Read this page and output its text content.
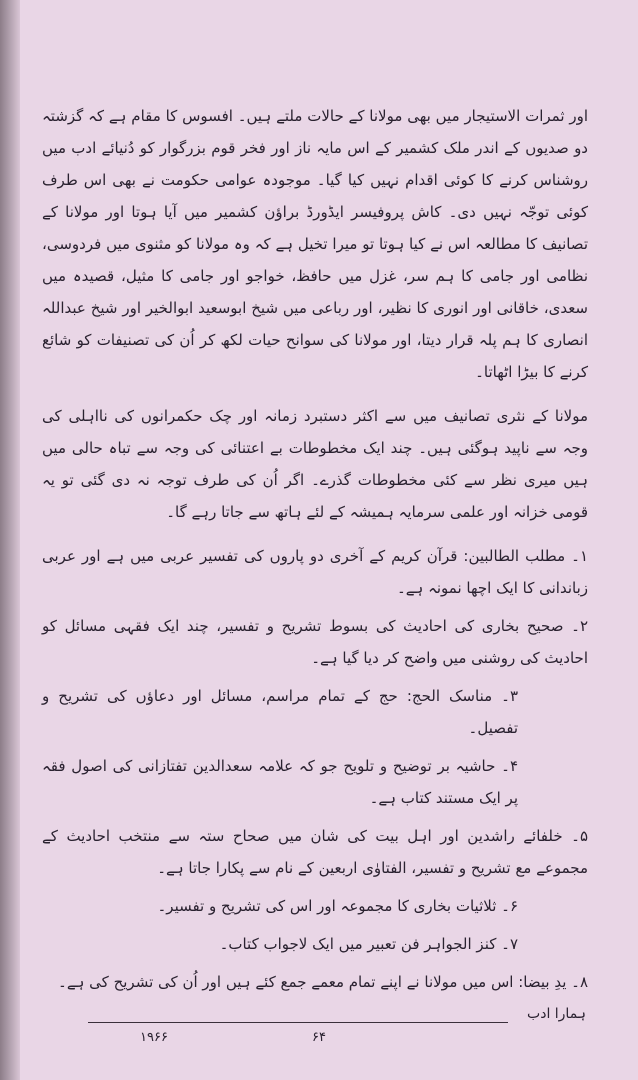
اور ثمرات الاستیجار میں بھی مولانا کے حالات ملتے ہیں۔ افسوس کا مقام ہے کہ گزشتہ دو صدیوں کے اندر ملک کشمیر کے اس مایہ ناز اور فخر قوم بزرگوار کو دُنیائے ادب میں روشناس کرنے کا کوئی اقدام نہیں کیا گیا۔ موجودہ عوامی حکومت نے بھی اس طرف کوئی توجّہ نہیں دی۔ کاش پروفیسر ایڈورڈ براؤن کشمیر میں آیا ہوتا اور مولانا کے تصانیف کا مطالعہ اس نے کیا ہوتا تو میرا تخیل ہے کہ وہ مولانا کو مثنوی میں فردوسی، نظامی اور جامی کا ہم سر، غزل میں حافظ، خواجو اور جامی کا مثیل، قصیدہ میں سعدی، خاقانی اور انوری کا نظیر، اور رباعی میں شیخ ابوسعید ابوالخیر اور شیخ عبداللہ انصاری کا ہم پلہ قرار دیتا، اور مولانا کی سوانح حیات لکھ کر اُن کی تصنیفات کو شائع کرنے کا بیڑا اٹھاتا۔

مولانا کے نثری تصانیف میں سے اکثر دستبرد زمانہ اور چک حکمرانوں کی نااہلی کی وجہ سے ناپید ہوگئی ہیں۔ چند ایک مخطوطات بے اعتنائی کی وجہ سے تباہ حالی میں ہیں میری نظر سے کئی مخطوطات گذرے۔ اگر اُن کی طرف توجہ نہ دی گئی تو یہ قومی خزانہ اور علمی سرمایہ ہمیشہ کے لئے ہاتھ سے جاتا رہے گا۔

۱۔ مطلب الطالبین: قرآن کریم کے آخری دو پاروں کی تفسیر عربی میں ہے اور عربی زباندانی کا ایک اچھا نمونہ ہے۔

۲۔ صحیح بخاری کی احادیث کی بسوط تشریح و تفسیر، چند ایک فقہی مسائل کو احادیث کی روشنی میں واضح کر دیا گیا ہے۔

۳۔ مناسک الحج: حج کے تمام مراسم، مسائل اور دعاؤں کی تشریح و تفصیل۔

۴۔ حاشیہ بر توضیح و تلویح جو کہ علامہ سعدالدین تفتازانی کی اصول فقہ پر ایک مستند کتاب ہے۔

۵۔ خلفائے راشدین اور اہل بیت کی شان میں صحاح ستہ سے منتخب احادیث کے مجموعے مع تشریح و تفسیر، الفتاوٰی اربعین کے نام سے پکارا جاتا ہے۔

۶۔ ثلاثیات بخاری کا مجموعہ اور اس کی تشریح و تفسیر۔

۷۔ کنز الجواہر فن تعبیر میں ایک لاجواب کتاب۔

۸۔ یدِ بیضا: اس میں مولانا نے اپنے تمام معمے جمع کئے ہیں اور اُن کی تشریح کی ہے۔

ہمارا ادب
۱۹۶۶	۶۴
